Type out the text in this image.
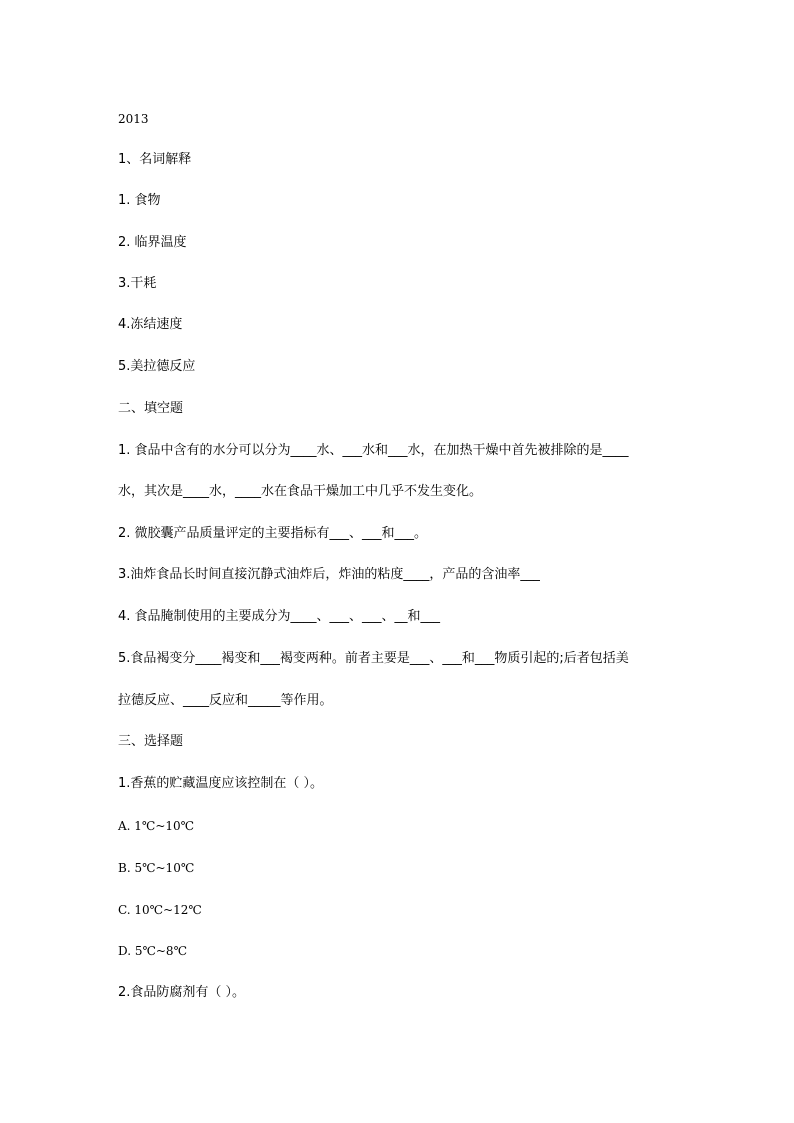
2013
1、名词解释
1. 食物
2. 临界温度
3.干耗
4.冻结速度
5.美拉德反应
二、填空题
1. 食品中含有的水分可以分为____水、___水和___水，在加热干燥中首先被排除的是____
水，其次是____水，____水在食品干燥加工中几乎不发生变化。
2. 微胶囊产品质量评定的主要指标有___、___和___。
3.油炸食品长时间直接沉静式油炸后，炸油的粘度____，产品的含油率___
4. 食品腌制使用的主要成分为____、___、___、__和___
5.食品褐变分____褐变和___褐变两种。前者主要是___、___和___物质引起的;后者包括美
拉德反应、____反应和_____等作用。
三、选择题
1.香蕉的贮藏温度应该控制在（ ）。
A. 1℃~10℃
B. 5℃~10℃
C. 10℃~12℃
D. 5℃~8℃
2.食品防腐剂有（ ）。
